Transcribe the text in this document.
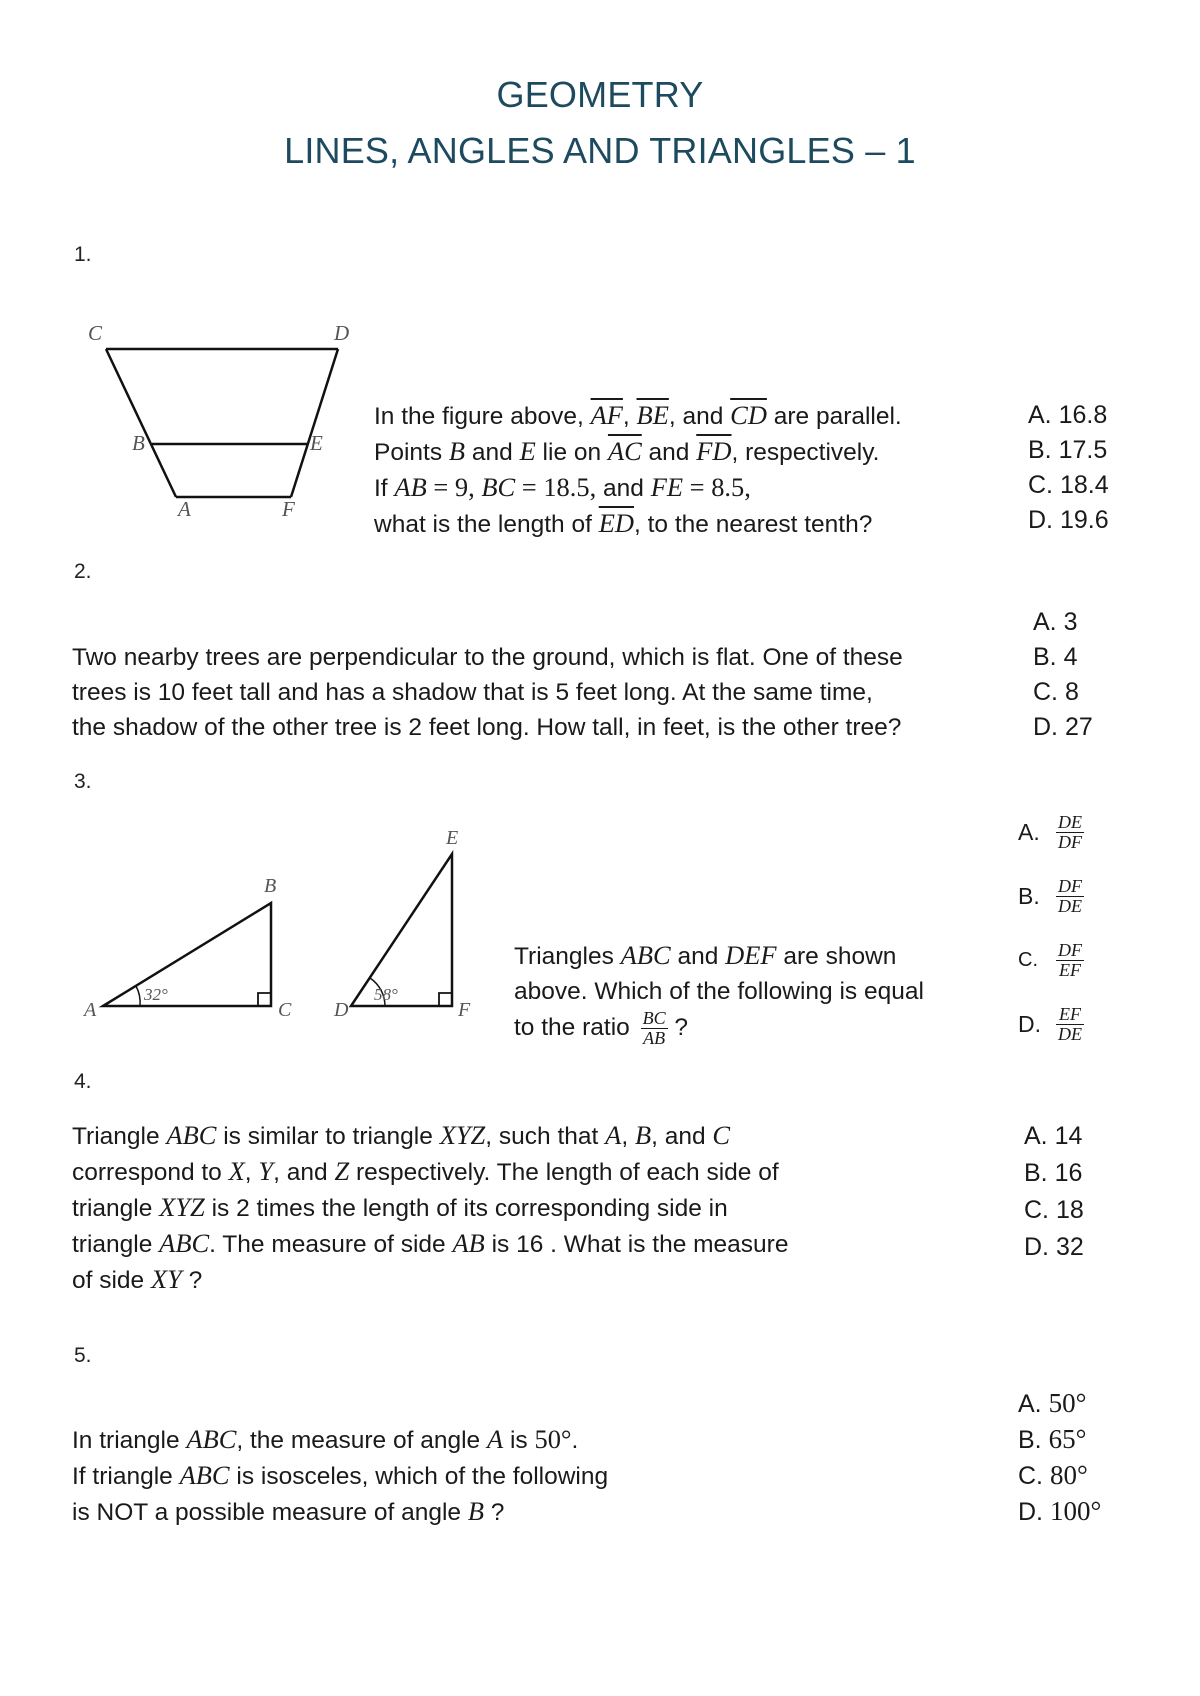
GEOMETRY
LINES, ANGLES AND TRIANGLES – 1
1.
C	D
B	E
A	F
In the figure above, $\overline{AF}$, $\overline{BE}$, and $\overline{CD}$ are parallel.
Points B and E lie on $\overline{AC}$ and $\overline{FD}$, respectively.
If AB = 9, BC = 18.5, and FE = 8.5,
what is the length of $\overline{ED}$, to the nearest tenth?
A. 16.8
B. 17.5
C. 18.4
D. 19.6
2.
Two nearby trees are perpendicular to the ground, which is flat. One of these
trees is 10 feet tall and has a shadow that is 5 feet long. At the same time,
the shadow of the other tree is 2 feet long. How tall, in feet, is the other tree?
A. 3
B. 4
C. 8
D. 27
3.
A
B
C
32°
D
E
F
58°
Triangles ABC and DEF are shown
above. Which of the following is equal
to the ratio $\frac{BC}{AB}$ ?
A. $\frac{DE}{DF}$
B. $\frac{DF}{DE}$
C.	$\frac{DF}{EF}$
D. $\frac{EF}{DE}$
4.
Triangle ABC is similar to triangle XYZ, such that A, B, and C
correspond to X, Y, and Z respectively. The length of each side of
triangle XYZ is 2 times the length of its corresponding side in
triangle ABC. The measure of side AB is 16 . What is the measure
of side XY ?
A. 14
B. 16
C. 18
D. 32
5.
In triangle ABC, the measure of angle A is 50°.
If triangle ABC is isosceles, which of the following
is NOT a possible measure of angle B ?
A. 50°
B. 65°
C. 80°
D. 100°
